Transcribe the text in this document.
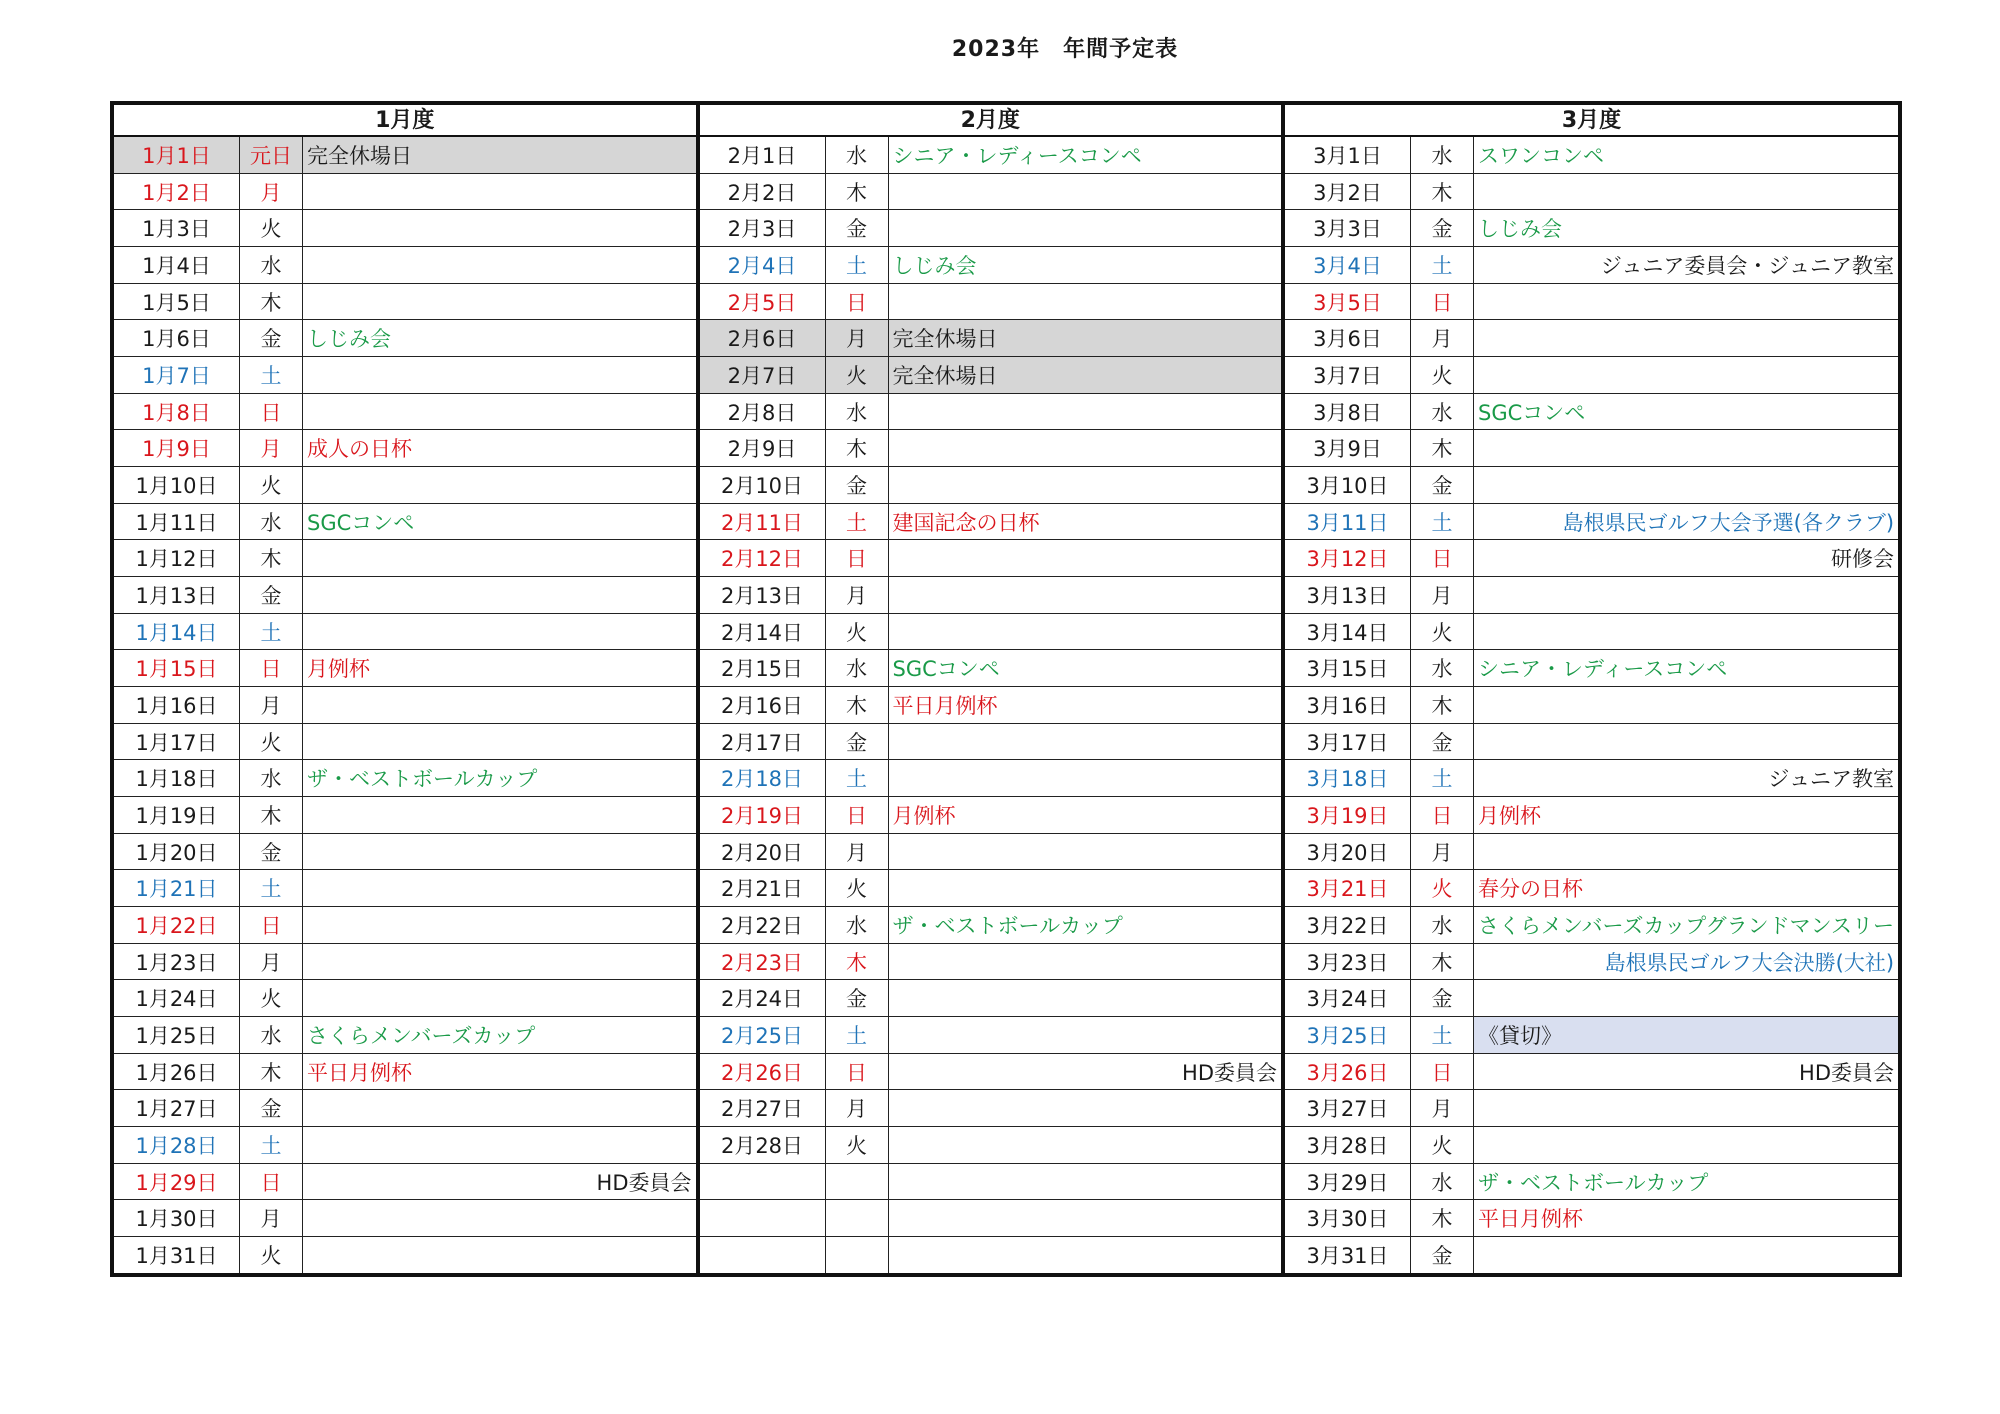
2023年　年間予定表
1月度
1月1日	元日 完全休場日
1月2日	月
1月3日	火
1月4日	水
1月5日	木
1月6日	金	しじみ会
1月7日	土
1月8日	日
1月9日	月	成人の日杯
1月10日	火
1月11日	水	SGCコンペ
1月12日	木
1月13日	金
1月14日	土
1月15日	日	月例杯
1月16日	月
1月17日	火
1月18日	水	ザ・ベストボールカップ
1月19日	木
1月20日	金
1月21日	土
1月22日	日
1月23日	月
1月24日	火
1月25日	水	さくらメンバーズカップ
1月26日	木	平日月例杯
1月27日	金
1月28日	土
1月29日	日	HD委員会
1月30日	月
1月31日	火
2月度
2月1日	水	シニア・レディースコンペ
2月2日	木
2月3日	金
2月4日	土	しじみ会
2月5日	日
2月6日	月	完全休場日
2月7日	火	完全休場日
2月8日	水
2月9日	木
2月10日	金
2月11日	土	建国記念の日杯
2月12日	日
2月13日	月
2月14日	火
2月15日	水	SGCコンペ
2月16日	木	平日月例杯
2月17日	金
2月18日	土
2月19日	日	月例杯
2月20日	月
2月21日	火
2月22日	水	ザ・ベストボールカップ
2月23日	木
2月24日	金
2月25日	土
2月26日	日	HD委員会
2月27日	月
2月28日	火
3月度
3月1日	水	スワンコンペ
3月2日	木
3月3日	金	しじみ会
3月4日	土	ジュニア委員会・ジュニア教室
3月5日	日
3月6日	月
3月7日	火
3月8日	水	SGCコンペ
3月9日	木
3月10日	金
3月11日	土	島根県民ゴルフ大会予選(各クラブ)
3月12日	日	研修会
3月13日	月
3月14日	火
3月15日	水	シニア・レディースコンペ
3月16日	木
3月17日	金
3月18日	土	ジュニア教室
3月19日	日	月例杯
3月20日	月
3月21日	火	春分の日杯
3月22日	水	さくらメンバーズカップグランドマンスリー
3月23日	木	島根県民ゴルフ大会決勝(大社)
3月24日	金
3月25日	土	《貸切》
3月26日	日	HD委員会
3月27日	月
3月28日	火
3月29日	水	ザ・ベストボールカップ
3月30日	木	平日月例杯
3月31日	金
